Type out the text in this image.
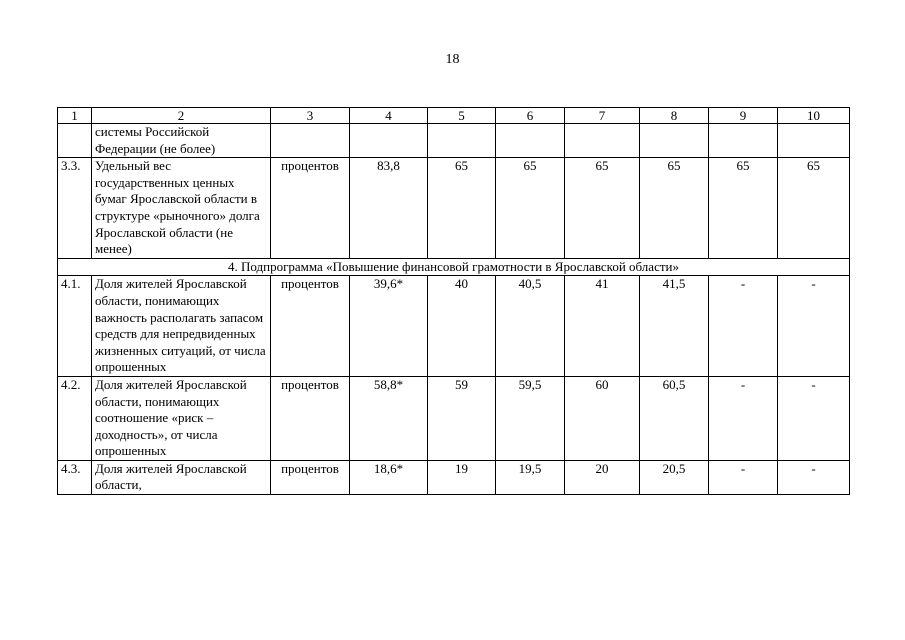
18
1	2	3	4	5	6	7	8	9	10
	системы Российской Федерации (не более)								
3.3.	Удельный вес государственных ценных бумаг Ярославской области в структуре «рыночного» долга Ярославской области (не менее)	процентов	83,8	65	65	65	65	65	65
4. Подпрограмма «Повышение финансовой грамотности в Ярославской области»									
4.1.	Доля жителей Ярославской области, понимающих важность располагать запасом средств для непредвиденных жизненных ситуаций, от числа опрошенных	процентов	39,6*	40	40,5	41	41,5	-	-
4.2.	Доля жителей Ярославской области, понимающих соотношение «риск – доходность», от числа опрошенных	процентов	58,8*	59	59,5	60	60,5	-	-
4.3.	Доля жителей Ярославской области,	процентов	18,6*	19	19,5	20	20,5	-	-
